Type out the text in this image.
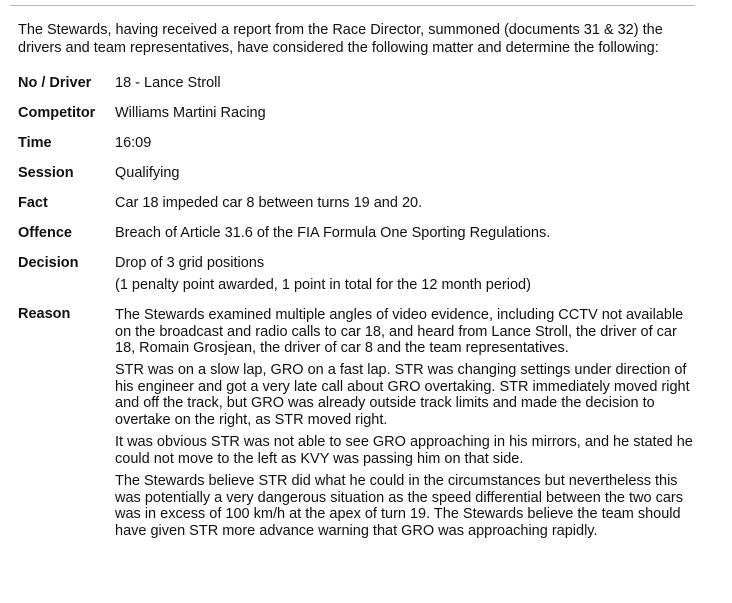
The Stewards, having received a report from the Race Director, summoned (documents 31 & 32) the drivers and team representatives, have considered the following matter and determine the following:

No / Driver 18 - Lance Stroll
Competitor Williams Martini Racing
Time	16:09
Session	Qualifying
Fact	Car 18 impeded car 8 between turns 19 and 20.
Offence	Breach of Article 31.6 of the FIA Formula One Sporting Regulations.
Decision	Drop of 3 grid positions
(1 penalty point awarded, 1 point in total for the 12 month period)
Reason	The Stewards examined multiple angles of video evidence, including CCTV not available on the broadcast and radio calls to car 18, and heard from Lance Stroll, the driver of car 18, Romain Grosjean, the driver of car 8 and the team representatives.

STR was on a slow lap, GRO on a fast lap. STR was changing settings under direction of his engineer and got a very late call about GRO overtaking. STR immediately moved right and off the track, but GRO was already outside track limits and made the decision to overtake on the right, as STR moved right.

It was obvious STR was not able to see GRO approaching in his mirrors, and he stated he could not move to the left as KVY was passing him on that side.

The Stewards believe STR did what he could in the circumstances but nevertheless this was potentially a very dangerous situation as the speed differential between the two cars was in excess of 100 km/h at the apex of turn 19. The Stewards believe the team should have given STR more advance warning that GRO was approaching rapidly.
